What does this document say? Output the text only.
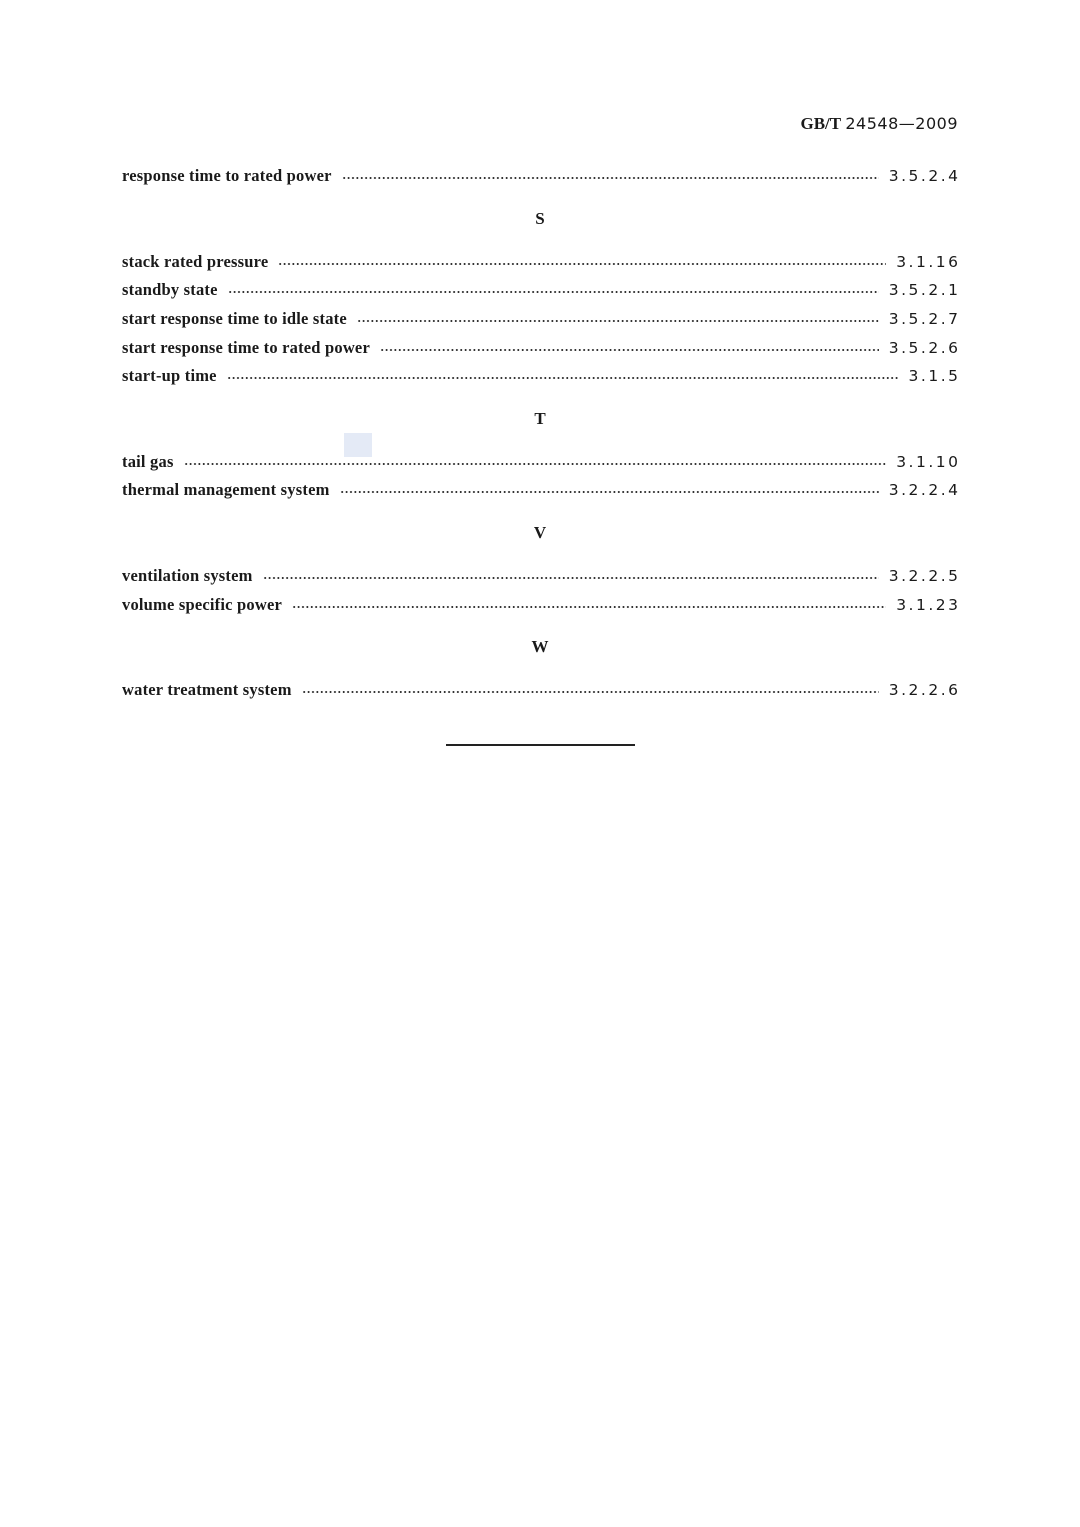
GB/T 24548—2009
response time to rated power	3.5.2.4
S
stack rated pressure	3.1.16
standby state	3.5.2.1
start response time to idle state	3.5.2.7
start response time to rated power	3.5.2.6
start-up time	3.1.5
T
tail gas	3.1.10
thermal management system	3.2.2.4
V
ventilation system	3.2.2.5
volume specific power	3.1.23
W
water treatment system	3.2.2.6
